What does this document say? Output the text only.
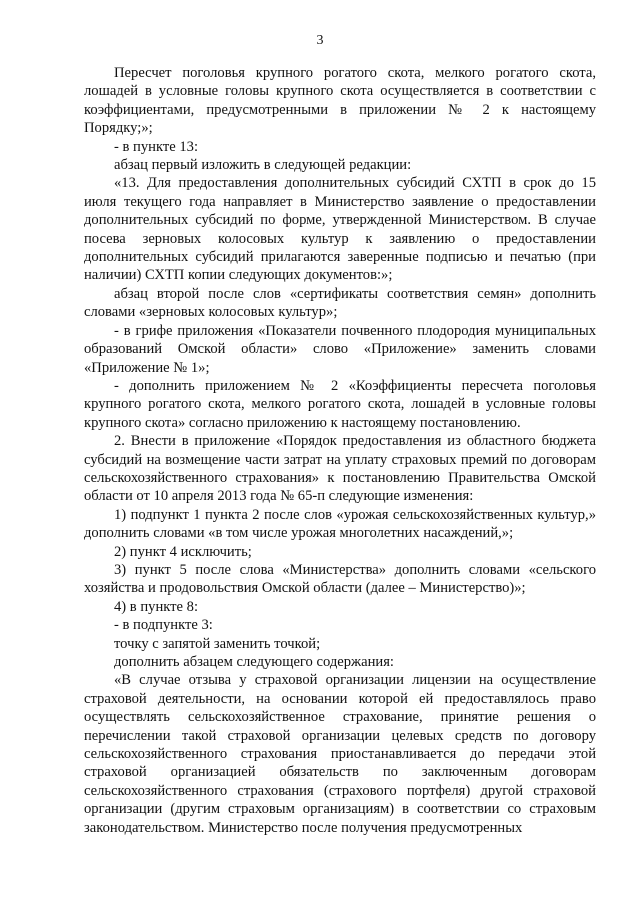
3

Пересчет поголовья крупного рогатого скота, мелкого рогатого скота, лошадей в условные головы крупного скота осуществляется в соответствии с коэффициентами, предусмотренными в приложении № 2 к настоящему Порядку;»;

- в пункте 13:

абзац первый изложить в следующей редакции:

«13. Для предоставления дополнительных субсидий СХТП в срок до 15 июля текущего года направляет в Министерство заявление о предоставлении дополнительных субсидий по форме, утвержденной Министерством. В случае посева зерновых колосовых культур к заявлению о предоставлении дополнительных субсидий прилагаются заверенные подписью и печатью (при наличии) СХТП копии следующих документов:»;

абзац второй после слов «сертификаты соответствия семян» дополнить словами «зерновых колосовых культур»;

- в грифе приложения «Показатели почвенного плодородия муниципальных образований Омской области» слово «Приложение» заменить словами «Приложение № 1»;

- дополнить приложением № 2 «Коэффициенты пересчета поголовья крупного рогатого скота, мелкого рогатого скота, лошадей в условные головы крупного скота» согласно приложению к настоящему постановлению.

2. Внести в приложение «Порядок предоставления из областного бюджета субсидий на возмещение части затрат на уплату страховых премий по договорам сельскохозяйственного страхования» к постановлению Правительства Омской области от 10 апреля 2013 года № 65-п следующие изменения:

1) подпункт 1 пункта 2 после слов «урожая сельскохозяйственных культур,» дополнить словами «в том числе урожая многолетних насаждений,»;

2) пункт 4 исключить;

3) пункт 5 после слова «Министерства» дополнить словами «сельского хозяйства и продовольствия Омской области (далее – Министерство)»;

4) в пункте 8:

- в подпункте 3:

точку с запятой заменить точкой;

дополнить абзацем следующего содержания:

«В случае отзыва у страховой организации лицензии на осуществление страховой деятельности, на основании которой ей предоставлялось право осуществлять сельскохозяйственное страхование, принятие решения о перечислении такой страховой организации целевых средств по договору сельскохозяйственного страхования приостанавливается до передачи этой страховой организацией обязательств по заключенным договорам сельскохозяйственного страхования (страхового портфеля) другой страховой организации (другим страховым организациям) в соответствии со страховым законодательством. Министерство после получения предусмотренных
